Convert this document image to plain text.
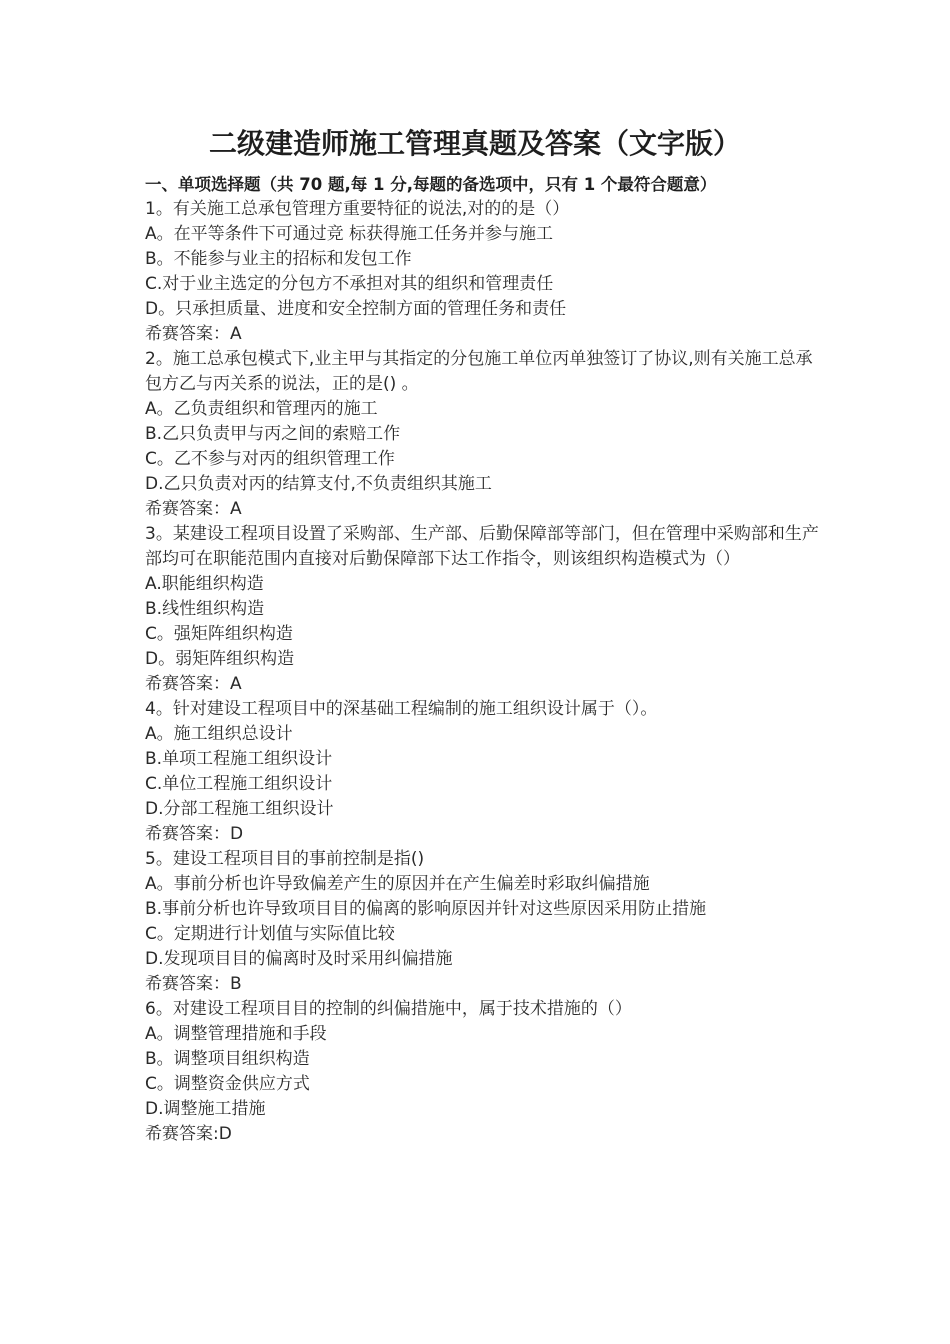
二级建造师施工管理真题及答案（文字版）
一、单项选择题（共 70 题,每 1 分,每题的备选项中，只有 1 个最符合题意）
1。有关施工总承包管理方重要特征的说法,对的的是（）
A。在平等条件下可通过竞 标获得施工任务并参与施工
B。不能参与业主的招标和发包工作
C.对于业主选定的分包方不承担对其的组织和管理责任
D。只承担质量、进度和安全控制方面的管理任务和责任
希赛答案：A
2。施工总承包模式下,业主甲与其指定的分包施工单位丙单独签订了协议,则有关施工总承包方乙与丙关系的说法，正的是() 。
A。乙负责组织和管理丙的施工
B.乙只负责甲与丙之间的索赔工作
C。乙不参与对丙的组织管理工作
D.乙只负责对丙的结算支付,不负责组织其施工
希赛答案：A
3。某建设工程项目设置了采购部、生产部、后勤保障部等部门，但在管理中采购部和生产部均可在职能范围内直接对后勤保障部下达工作指令，则该组织构造模式为（）
A.职能组织构造
B.线性组织构造
C。强矩阵组织构造
D。弱矩阵组织构造
希赛答案：A
4。针对建设工程项目中的深基础工程编制的施工组织设计属于（）。
A。施工组织总设计
B.单项工程施工组织设计
C.单位工程施工组织设计
D.分部工程施工组织设计
希赛答案：D
5。建设工程项目目的事前控制是指()
A。事前分析也许导致偏差产生的原因并在产生偏差时彩取纠偏措施
B.事前分析也许导致项目目的偏离的影响原因并针对这些原因采用防止措施
C。定期进行计划值与实际值比较
D.发现项目目的偏离时及时采用纠偏措施
希赛答案：B
6。对建设工程项目目的控制的纠偏措施中，属于技术措施的（）
A。调整管理措施和手段
B。调整项目组织构造
C。调整资金供应方式
D.调整施工措施
希赛答案:D
